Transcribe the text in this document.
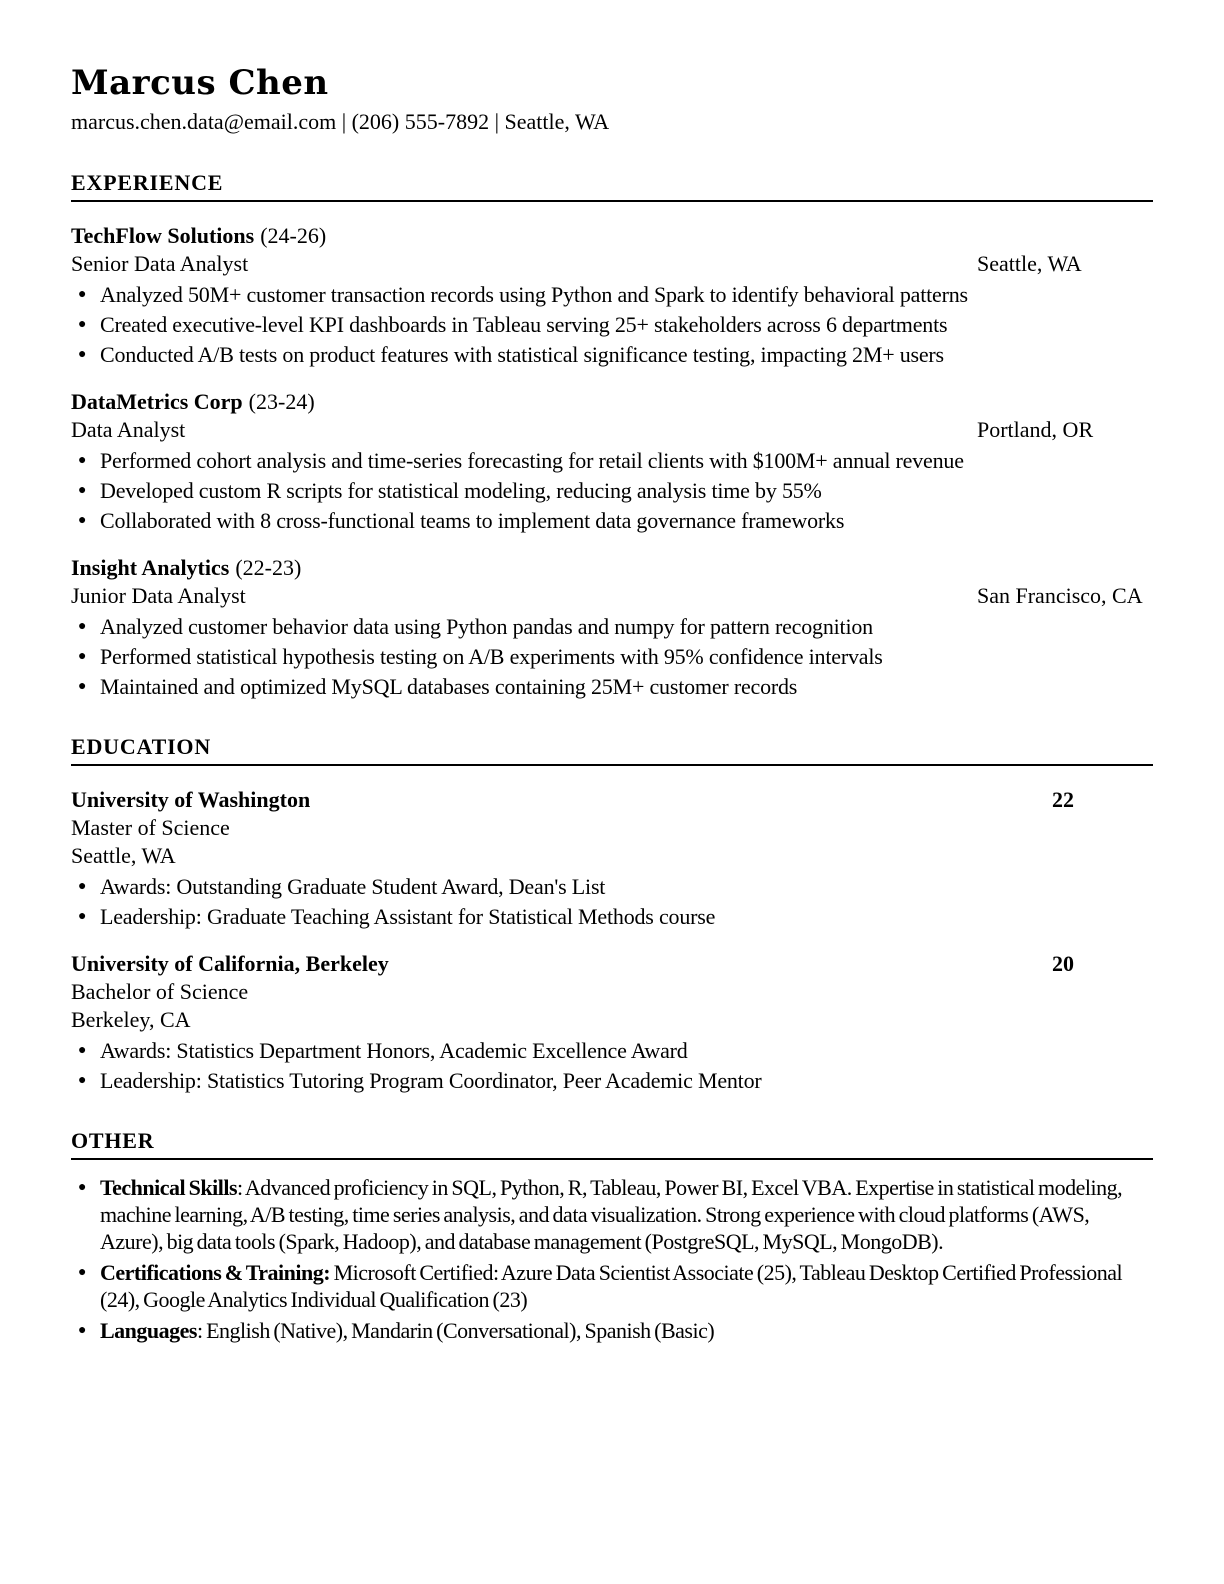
Marcus Chen
marcus.chen.data@email.com | (206) 555-7892 | Seattle, WA
EXPERIENCE
TechFlow Solutions (24-26)
Senior Data Analyst	Seattle, WA
● Analyzed 50M+ customer transaction records using Python and Spark to identify behavioral patterns
● Created executive-level KPI dashboards in Tableau serving 25+ stakeholders across 6 departments
● Conducted A/B tests on product features with statistical significance testing, impacting 2M+ users
DataMetrics Corp (23-24)
Data Analyst	Portland, OR
● Performed cohort analysis and time-series forecasting for retail clients with $100M+ annual revenue
● Developed custom R scripts for statistical modeling, reducing analysis time by 55%
● Collaborated with 8 cross-functional teams to implement data governance frameworks
Insight Analytics (22-23)
Junior Data Analyst	San Francisco, CA
● Analyzed customer behavior data using Python pandas and numpy for pattern recognition
● Performed statistical hypothesis testing on A/B experiments with 95% confidence intervals
● Maintained and optimized MySQL databases containing 25M+ customer records
EDUCATION
University of Washington	22
Master of Science
Seattle, WA
● Awards: Outstanding Graduate Student Award, Dean's List
● Leadership: Graduate Teaching Assistant for Statistical Methods course
University of California, Berkeley	20
Bachelor of Science
Berkeley, CA
● Awards: Statistics Department Honors, Academic Excellence Award
● Leadership: Statistics Tutoring Program Coordinator, Peer Academic Mentor
OTHER
● Technical Skills: Advanced proficiency in SQL, Python, R, Tableau, Power BI, Excel VBA. Expertise in statistical modeling, machine learning, A/B testing, time series analysis, and data visualization. Strong experience with cloud platforms (AWS, Azure), big data tools (Spark, Hadoop), and database management (PostgreSQL, MySQL, MongoDB).
● Certifications & Training: Microsoft Certified: Azure Data Scientist Associate (25), Tableau Desktop Certified Professional (24), Google Analytics Individual Qualification (23)
● Languages: English (Native), Mandarin (Conversational), Spanish (Basic)
